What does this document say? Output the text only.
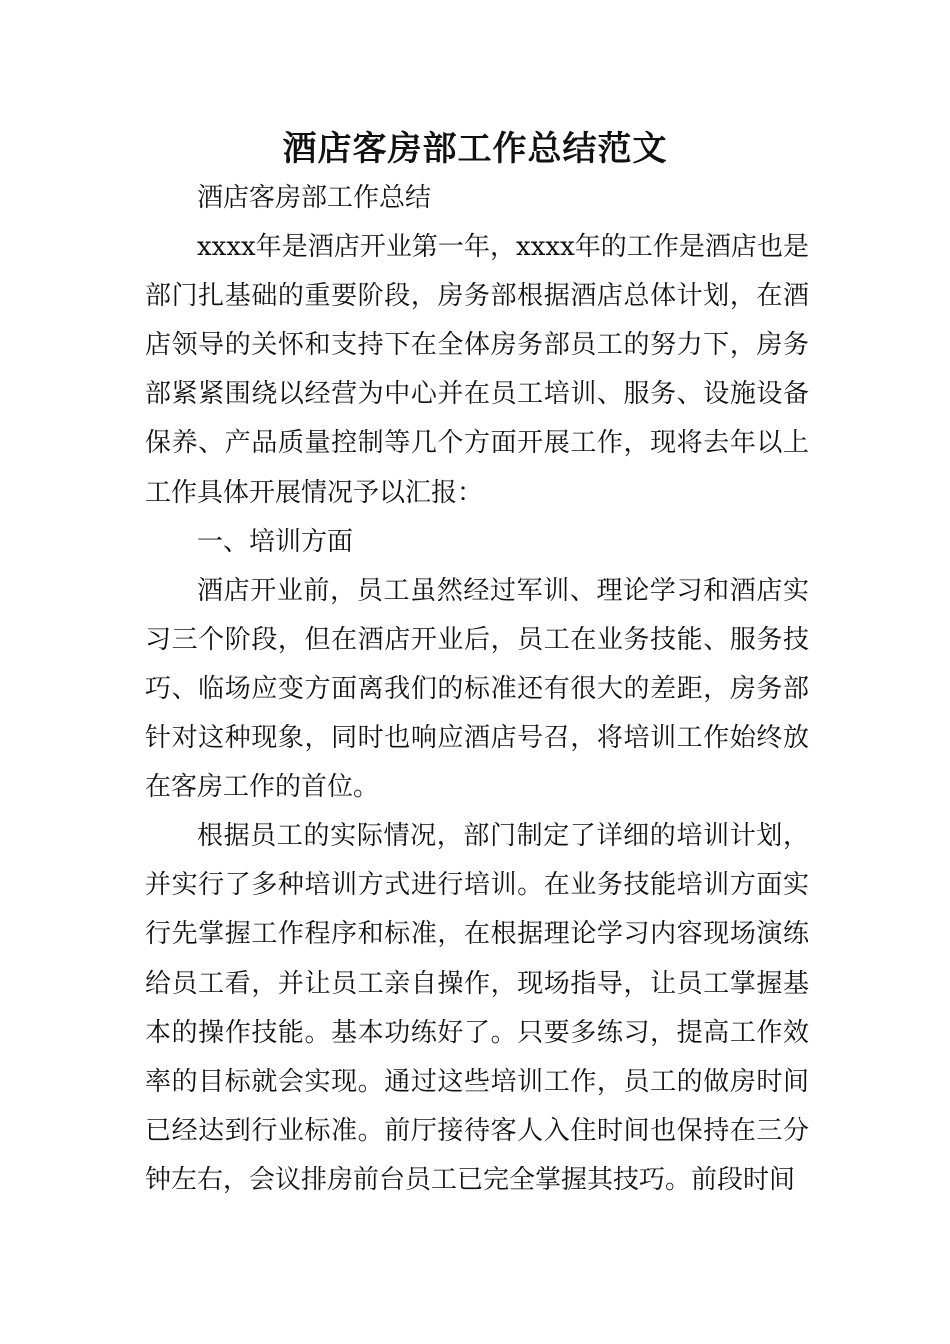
酒店客房部工作总结范文

酒店客房部工作总结

xxxx年是酒店开业第一年，xxxx年的工作是酒店也是部门扎基础的重要阶段，房务部根据酒店总体计划，在酒店领导的关怀和支持下在全体房务部员工的努力下，房务部紧紧围绕以经营为中心并在员工培训、服务、设施设备保养、产品质量控制等几个方面开展工作，现将去年以上工作具体开展情况予以汇报：

一、培训方面

酒店开业前，员工虽然经过军训、理论学习和酒店实习三个阶段，但在酒店开业后，员工在业务技能、服务技巧、临场应变方面离我们的标准还有很大的差距，房务部针对这种现象，同时也响应酒店号召，将培训工作始终放在客房工作的首位。

根据员工的实际情况，部门制定了详细的培训计划，并实行了多种培训方式进行培训。在业务技能培训方面实行先掌握工作程序和标准，在根据理论学习内容现场演练给员工看，并让员工亲自操作，现场指导，让员工掌握基本的操作技能。基本功练好了。只要多练习，提高工作效率的目标就会实现。通过这些培训工作，员工的做房时间已经达到行业标准。前厅接待客人入住时间也保持在三分钟左右，会议排房前台员工已完全掌握其技巧。前段时间
